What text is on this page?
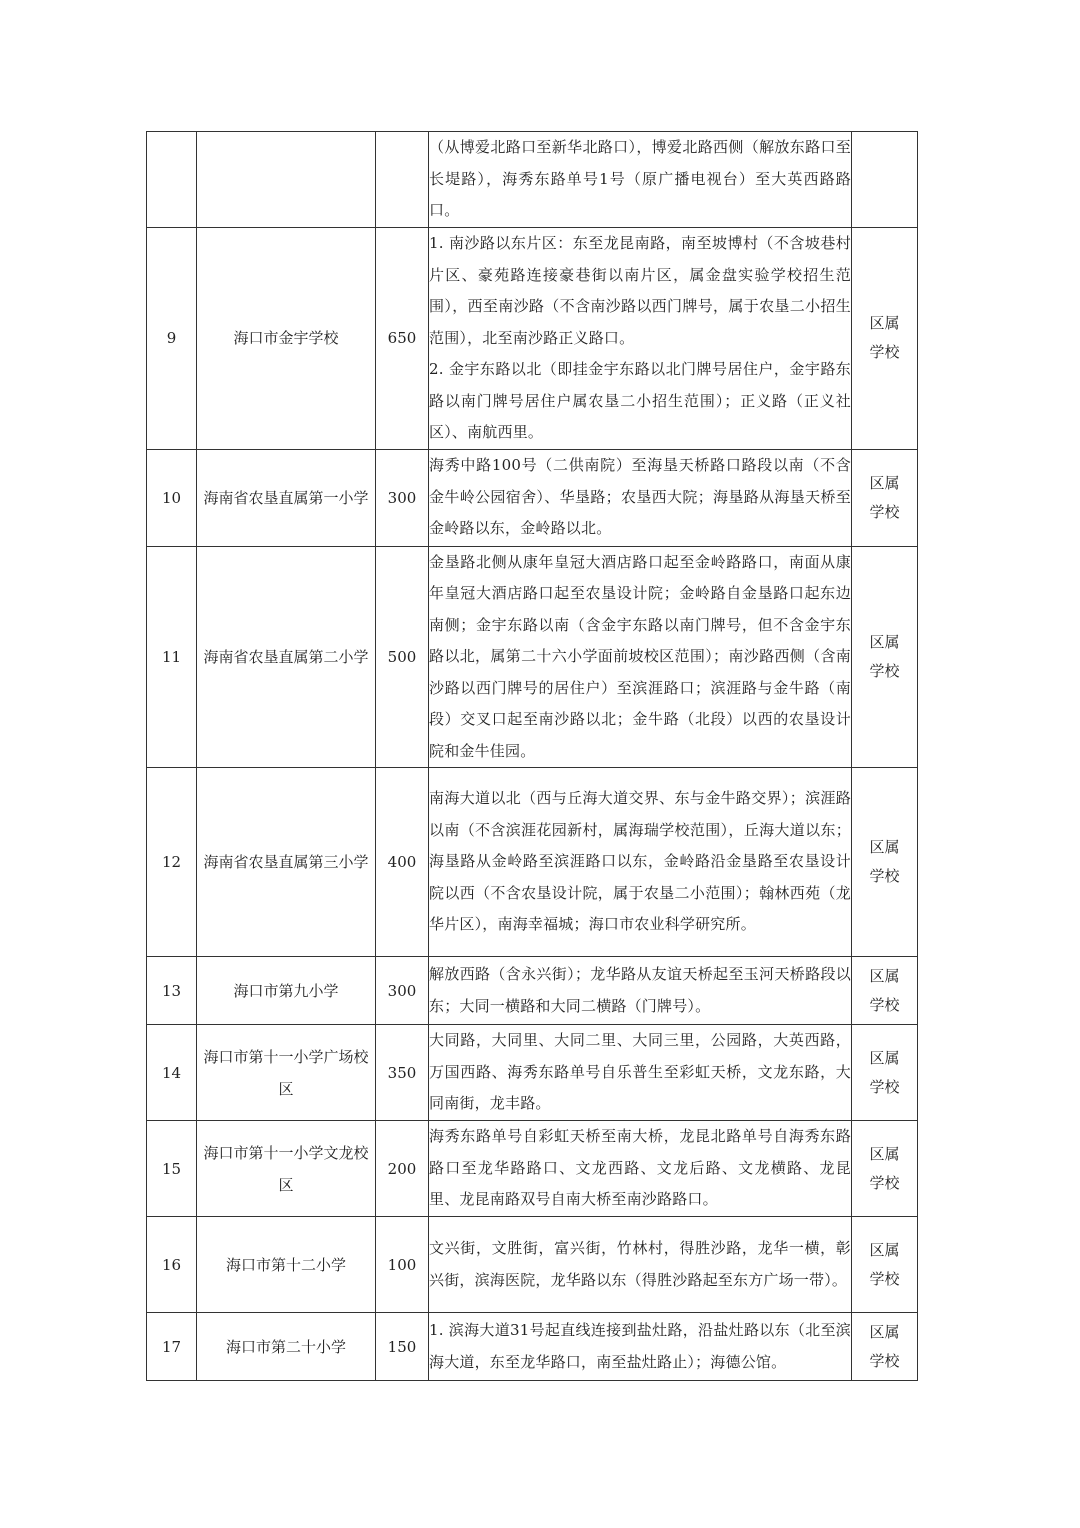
			（从博爱北路口至新华北路口），博爱北路西侧（解放东路口至长堤路），海秀东路单号1号（原广播电视台）至大英西路路口。	

9	海口市金宇学校	650	1. 南沙路以东片区：东至龙昆南路，南至坡博村（不含坡巷村片区、豪苑路连接豪巷街以南片区，属金盘实验学校招生范围），西至南沙路（不含南沙路以西门牌号，属于农垦二小招生范围），北至南沙路正义路口。
2. 金宇东路以北（即挂金宇东路以北门牌号居住户，金宇路东路以南门牌号居住户属农垦二小招生范围）；正义路（正义社区）、南航西里。	区属学校
10	海南省农垦直属第一小学	300	海秀中路100号（二供南院）至海垦天桥路口路段以南（不含金牛岭公园宿舍）、华垦路；农垦西大院；海垦路从海垦天桥至金岭路以东，金岭路以北。	区属学校
11	海南省农垦直属第二小学	500	金垦路北侧从康年皇冠大酒店路口起至金岭路路口，南面从康年皇冠大酒店路口起至农垦设计院；金岭路自金垦路口起东边南侧；金宇东路以南（含金宇东路以南门牌号，但不含金宇东路以北，属第二十六小学面前坡校区范围）；南沙路西侧（含南沙路以西门牌号的居住户）至滨涯路口；滨涯路与金牛路（南段）交叉口起至南沙路以北；金牛路（北段）以西的农垦设计院和金牛佳园。	区属学校
12	海南省农垦直属第三小学	400	南海大道以北（西与丘海大道交界、东与金牛路交界）；滨涯路以南（不含滨涯花园新村，属海瑞学校范围），丘海大道以东；海垦路从金岭路至滨涯路口以东，金岭路沿金垦路至农垦设计院以西（不含农垦设计院，属于农垦二小范围）；翰林西苑（龙华片区），南海幸福城；海口市农业科学研究所。	区属学校
13	海口市第九小学	300	解放西路（含永兴街）；龙华路从友谊天桥起至玉河天桥路段以东；大同一横路和大同二横路（门牌号）。	区属学校
14	海口市第十一小学广场校区	350	大同路，大同里、大同二里、大同三里，公园路，大英西路，万国西路、海秀东路单号自乐普生至彩虹天桥，文龙东路，大同南街，龙丰路。	区属学校
15	海口市第十一小学文龙校区	200	海秀东路单号自彩虹天桥至南大桥，龙昆北路单号自海秀东路路口至龙华路路口、文龙西路、文龙后路、文龙横路、龙昆里、龙昆南路双号自南大桥至南沙路路口。	区属学校
16	海口市第十二小学	100	文兴街，文胜街，富兴街，竹林村，得胜沙路，龙华一横，彰兴街，滨海医院，龙华路以东（得胜沙路起至东方广场一带）。	区属学校
17	海口市第二十小学	150	1. 滨海大道31号起直线连接到盐灶路，沿盐灶路以东（北至滨海大道，东至龙华路口，南至盐灶路止）；海德公馆。	区属学校
